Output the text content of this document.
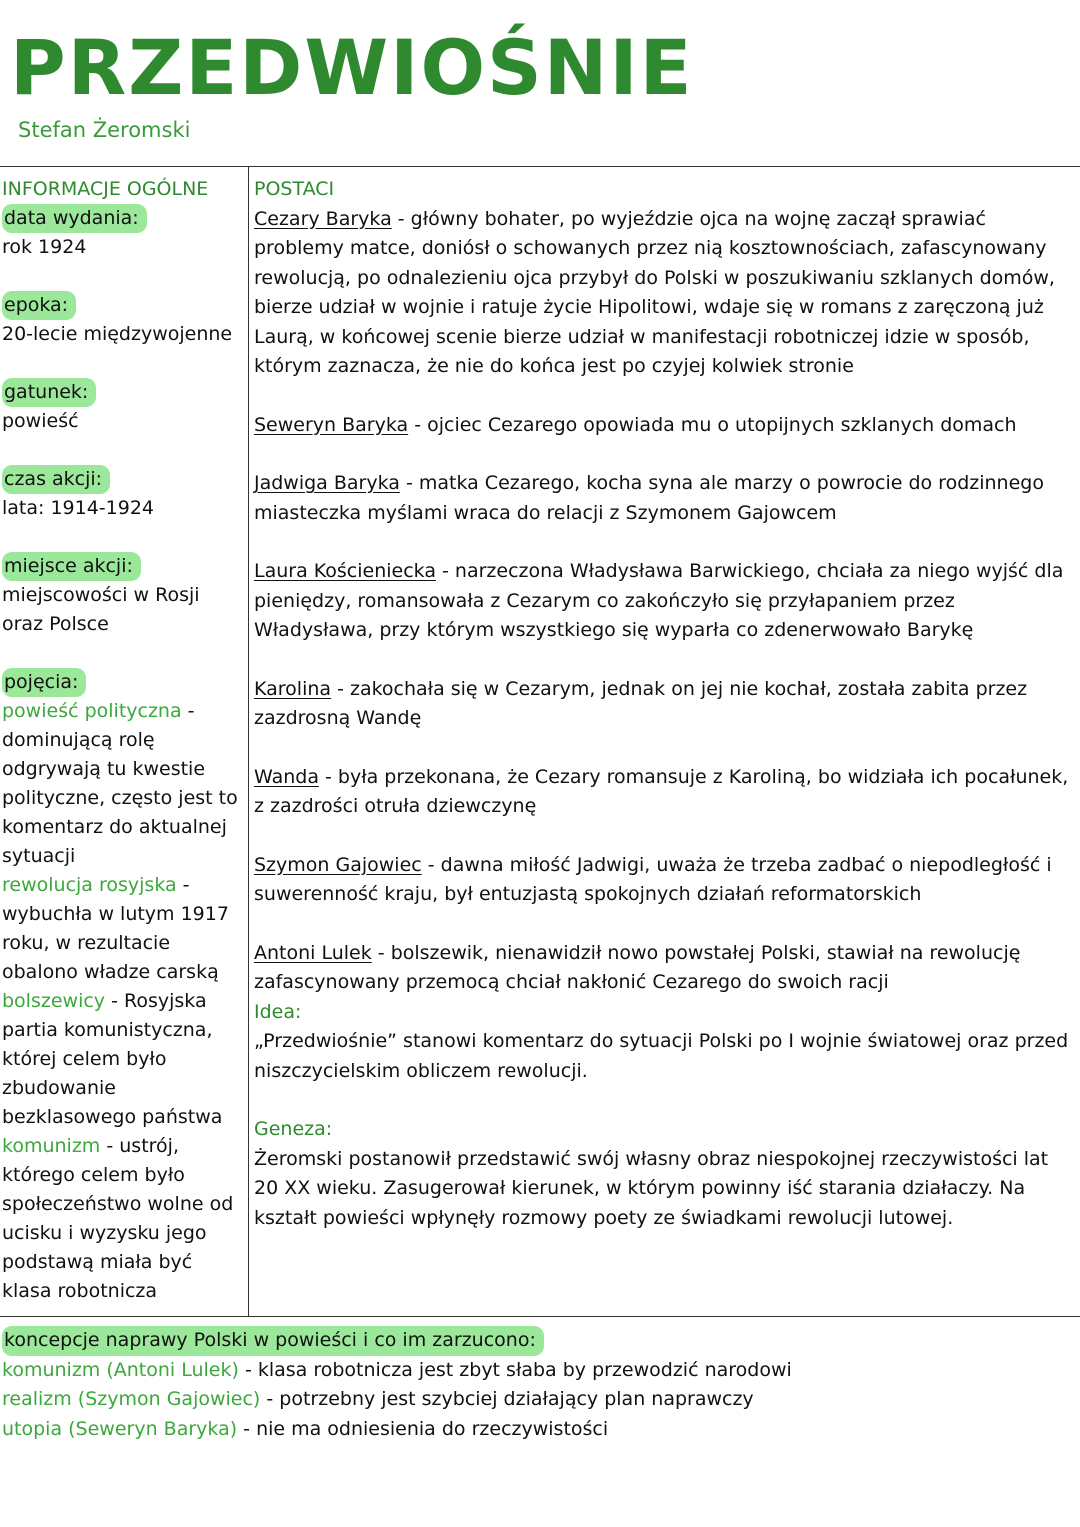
PRZEDWIOŚNIE
Stefan Żeromski

INFORMACJE OGÓLNE

data wydania:

rok 1924

epoka:

20-lecie międzywojenne

gatunek:

powieść

czas akcji:

lata: 1914-1924

miejsce akcji:

miejscowości w Rosji oraz Polsce

pojęcia:

powieść polityczna - dominującą rolę odgrywają tu kwestie polityczne, często jest to komentarz do aktualnej sytuacji

rewolucja rosyjska - wybuchła w lutym 1917 roku, w rezultacie obalono władze carską

bolszewicy - Rosyjska partia komunistyczna, której celem było zbudowanie bezklasowego państwa

komunizm - ustrój, którego celem było społeczeństwo wolne od ucisku i wyzysku jego podstawą miała być klasa robotnicza

POSTACI

Cezary Baryka - główny bohater, po wyjeździe ojca na wojnę zaczął sprawiać problemy matce, doniósł o schowanych przez nią kosztownościach, zafascynowany rewolucją, po odnalezieniu ojca przybył do Polski w poszukiwaniu szklanych domów, bierze udział w wojnie i ratuje życie Hipolitowi, wdaje się w romans z zaręczoną już Laurą, w końcowej scenie bierze udział w manifestacji robotniczej idzie w sposób, którym zaznacza, że nie do końca jest po czyjej kolwiek stronie

Seweryn Baryka - ojciec Cezarego opowiada mu o utopijnych szklanych domach

Jadwiga Baryka - matka Cezarego, kocha syna ale marzy o powrocie do rodzinnego miasteczka myślami wraca do relacji z Szymonem Gajowcem

Laura Kościeniecka - narzeczona Władysława Barwickiego, chciała za niego wyjść dla pieniędzy, romansowała z Cezarym co zakończyło się przyłapaniem przez Władysława, przy którym wszystkiego się wyparła co zdenerwowało Barykę

Karolina - zakochała się w Cezarym, jednak on jej nie kochał, została zabita przez zazdrosną Wandę

Wanda - była przekonana, że Cezary romansuje z Karoliną, bo widziała ich pocałunek, z zazdrości otruła dziewczynę

Szymon Gajowiec - dawna miłość Jadwigi, uważa że trzeba zadbać o niepodległość i suwerenność kraju, był entuzjastą spokojnych działań reformatorskich

Antoni Lulek - bolszewik, nienawidził nowo powstałej Polski, stawiał na rewolucję zafascynowany przemocą chciał nakłonić Cezarego do swoich racji

Idea:

„Przedwiośnie” stanowi komentarz do sytuacji Polski po I wojnie światowej oraz przed niszczycielskim obliczem rewolucji.

Geneza:

Żeromski postanowił przedstawić swój własny obraz niespokojnej rzeczywistości lat 20 XX wieku. Zasugerował kierunek, w którym powinny iść starania działaczy. Na kształt powieści wpłynęły rozmowy poety ze świadkami rewolucji lutowej.

koncepcje naprawy Polski w powieści i co im zarzucono:

komunizm (Antoni Lulek) - klasa robotnicza jest zbyt słaba by przewodzić narodowi

realizm (Szymon Gajowiec) - potrzebny jest szybciej działający plan naprawczy

utopia (Seweryn Baryka) - nie ma odniesienia do rzeczywistości
